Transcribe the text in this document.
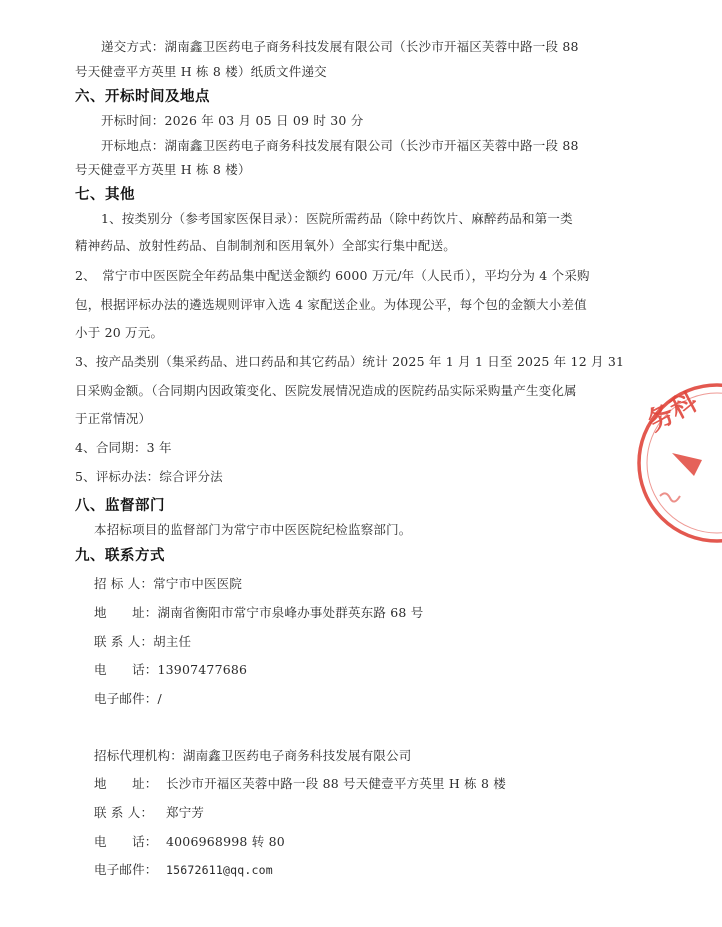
递交方式：湖南鑫卫医药电子商务科技发展有限公司（长沙市开福区芙蓉中路一段 88
号天健壹平方英里 H 栋 8 楼）纸质文件递交
六、开标时间及地点
开标时间：2026 年 03 月 05 日 09 时 30 分
开标地点：湖南鑫卫医药电子商务科技发展有限公司（长沙市开福区芙蓉中路一段 88
号天健壹平方英里 H 栋 8 楼）
七、其他
1、按类别分（参考国家医保目录）：医院所需药品（除中药饮片、麻醉药品和第一类
精神药品、放射性药品、自制制剂和医用氧外）全部实行集中配送。
2、　常宁市中医医院全年药品集中配送金额约 6000 万元/年（人民币），平均分为 4 个采购
包，根据评标办法的遴选规则评审入选 4 家配送企业。为体现公平，每个包的金额大小差值
小于 20 万元。
3、按产品类别（集采药品、进口药品和其它药品）统计 2025 年 1 月 1 日至 2025 年 12 月 31
日采购金额。（合同期内因政策变化、医院发展情况造成的医院药品实际采购量产生变化属
于正常情况）
4、合同期：3 年
5、评标办法：综合评分法
八、监督部门
本招标项目的监督部门为常宁市中医医院纪检监察部门。
九、联系方式
招 标 人：常宁市中医医院
地　　址：湖南省衡阳市常宁市泉峰办事处群英东路 68 号
联 系 人：胡主任
电　　话：13907477686
电子邮件：/
招标代理机构：湖南鑫卫医药电子商务科技发展有限公司
地　　址： 长沙市开福区芙蓉中路一段 88 号天健壹平方英里 H 栋 8 楼
联 系 人： 郑宁芳
电　　话： 4006968998 转 80
电子邮件： 15672611@qq.com
务科
